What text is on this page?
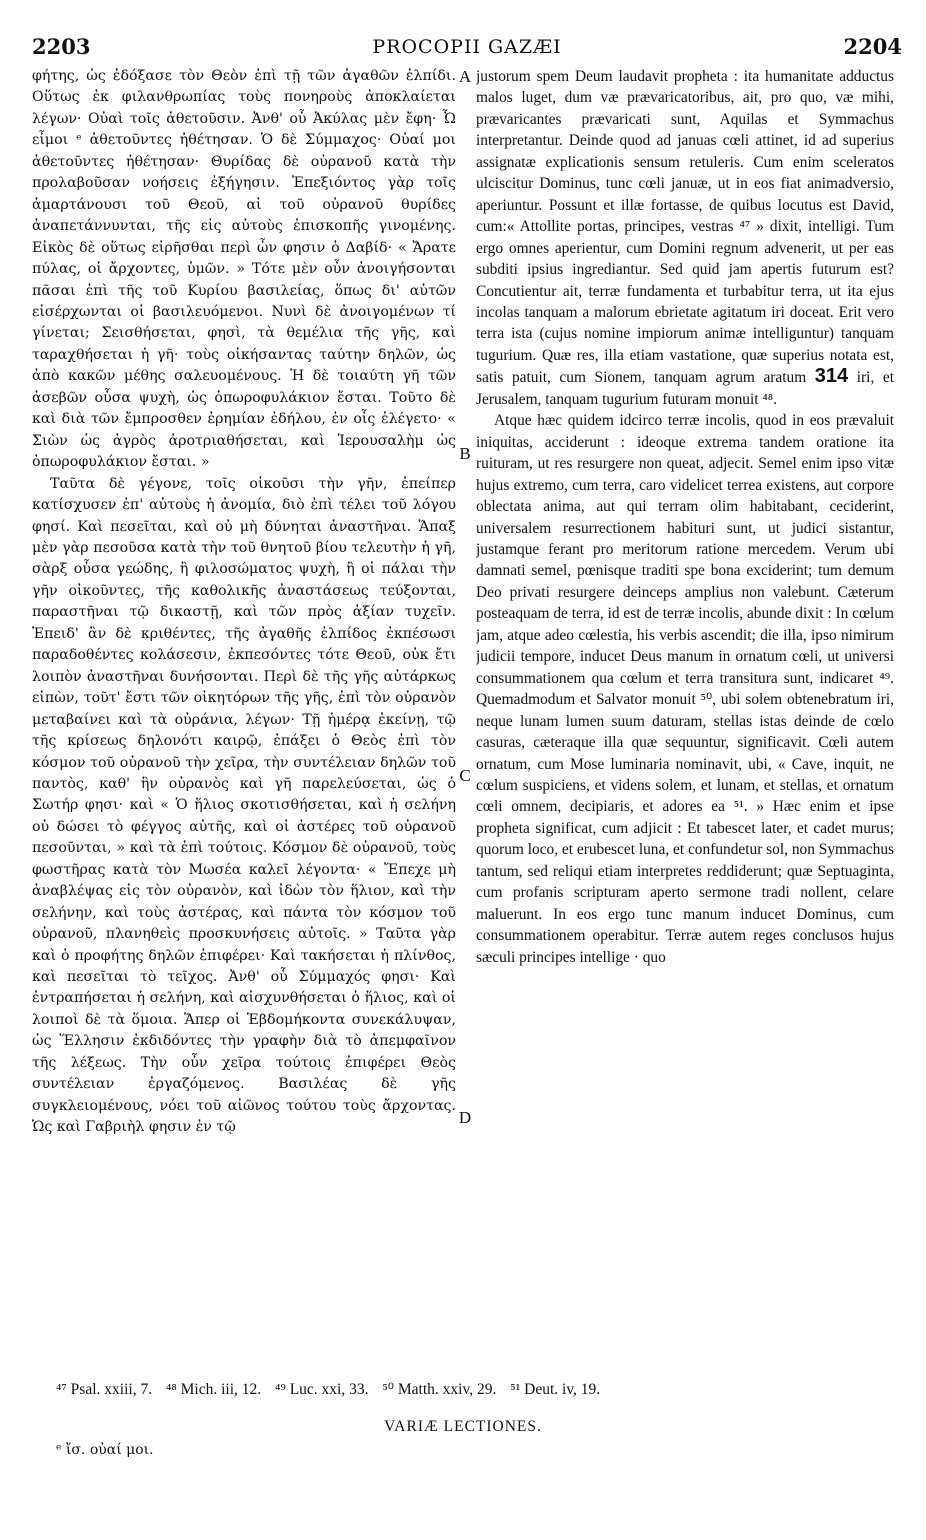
2203	PROCOPII GAZÆI	2204

φήτης, ὡς ἐδόξασε τὸν Θεὸν ἐπὶ τῇ τῶν ἀγαθῶν ἐλπίδι. Οὕτως ἐκ φιλανθρωπίας τοὺς πονηροὺς ἀποκλαίεται λέγων· Οὐαὶ τοῖς ἀθετοῦσιν. Ἀνθ' οὗ Ἀκύλας μὲν ἔφη· Ὦ εἶμοι ᵉ ἀθετοῦντες ἠθέτησαν. Ὁ δὲ Σύμμαχος· Οὐαί μοι ἀθετοῦντες ἠθέτησαν· Θυρίδας δὲ οὐρανοῦ κατὰ τὴν προλαβοῦσαν νοήσεις ἐξήγησιν. Ἐπεξιόντος γὰρ τοῖς ἁμαρτάνουσι τοῦ Θεοῦ, αἱ τοῦ οὐρανοῦ θυρίδες ἀναπετάννυνται, τῆς εἰς αὐτοὺς ἐπισκοπῆς γινομένης. Εἰκὸς δὲ οὕτως εἰρῆσθαι περὶ ὧν φησιν ὁ Δαβίδ· « Ἄρατε πύλας, οἱ ἄρχοντες, ὑμῶν. » Τότε μὲν οὖν ἀνοιγήσονται πᾶσαι ἐπὶ τῆς τοῦ Κυρίου βασιλείας, ὅπως δι' αὐτῶν εἰσέρχωνται οἱ βασιλευόμενοι. Νυνὶ δὲ ἀνοιγομένων τί γίνεται; Σεισθήσεται, φησὶ, τὰ θεμέλια τῆς γῆς, καὶ ταραχθήσεται ἡ γῆ· τοὺς οἰκήσαντας ταύτην δηλῶν, ὡς ἀπὸ κακῶν μέθης σαλευομένους. Ἡ δὲ τοιαύτη γῆ τῶν ἀσεβῶν οὖσα ψυχὴ, ὡς ὀπωροφυλάκιον ἔσται. Τοῦτο δὲ καὶ διὰ τῶν ἔμπροσθεν ἐρημίαν ἐδήλου, ἐν οἷς ἐλέγετο· « Σιὼν ὡς ἀγρὸς ἀροτριαθήσεται, καὶ Ἱερουσαλὴμ ὡς ὀπωροφυλάκιον ἔσται. »

Ταῦτα δὲ γέγονε, τοῖς οἰκοῦσι τὴν γῆν, ἐπείπερ κατίσχυσεν ἐπ' αὐτοὺς ἡ ἀνομία, διὸ ἐπὶ τέλει τοῦ λόγου φησί. Καὶ πεσεῖται, καὶ οὐ μὴ δύνηται ἀναστῆναι. Ἅπαξ μὲν γὰρ πεσοῦσα κατὰ τὴν τοῦ θνητοῦ βίου τελευτὴν ἡ γῆ, σὰρξ οὖσα γεώδης, ἢ φιλοσώματος ψυχὴ, ἢ οἱ πάλαι τὴν γῆν οἰκοῦντες, τῆς καθολικῆς ἀναστάσεως τεύξονται, παραστῆναι τῷ δικαστῇ, καὶ τῶν πρὸς ἀξίαν τυχεῖν. Ἐπειδ' ἂν δὲ κριθέντες, τῆς ἀγαθῆς ἐλπίδος ἐκπέσωσι παραδοθέντες κολάσεσιν, ἐκπεσόντες τότε Θεοῦ, οὐκ ἔτι λοιπὸν ἀναστῆναι δυνήσονται. Περὶ δὲ τῆς γῆς αὐτάρκως εἰπὼν, τοῦτ' ἔστι τῶν οἰκητόρων τῆς γῆς, ἐπὶ τὸν οὐρανὸν μεταβαίνει καὶ τὰ οὐράνια, λέγων· Τῇ ἡμέρᾳ ἐκείνῃ, τῷ τῆς κρίσεως δηλονότι καιρῷ, ἐπάξει ὁ Θεὸς ἐπὶ τὸν κόσμον τοῦ οὐρανοῦ τὴν χεῖρα, τὴν συντέλειαν δηλῶν τοῦ παντὸς, καθ' ἣν οὐρανὸς καὶ γῆ παρελεύσεται, ὡς ὁ Σωτήρ φησι· καὶ « Ὁ ἥλιος σκοτισθήσεται, καὶ ἡ σελήνη οὐ δώσει τὸ φέγγος αὐτῆς, καὶ οἱ ἀστέρες τοῦ οὐρανοῦ πεσοῦνται, » καὶ τὰ ἐπὶ τούτοις. Κόσμον δὲ οὐρανοῦ, τοὺς φωστῆρας κατὰ τὸν Μωσέα καλεῖ λέγοντα· « Ἔπεχε μὴ ἀναβλέψας εἰς τὸν οὐρανὸν, καὶ ἰδὼν τὸν ἥλιον, καὶ τὴν σελήνην, καὶ τοὺς ἀστέρας, καὶ πάντα τὸν κόσμον τοῦ οὐρανοῦ, πλανηθεὶς προσκυνήσεις αὐτοῖς. » Ταῦτα γὰρ καὶ ὁ προφήτης δηλῶν ἐπιφέρει· Καὶ τακήσεται ἡ πλίνθος, καὶ πεσεῖται τὸ τεῖχος. Ἀνθ' οὗ Σύμμαχός φησι· Καὶ ἐντραπήσεται ἡ σελήνη, καὶ αἰσχυνθήσεται ὁ ἥλιος, καὶ οἱ λοιποὶ δὲ τὰ ὅμοια. Ἅπερ οἱ Ἑβδομήκοντα συνεκάλυψαν, ὡς Ἕλλησιν ἐκδιδόντες τὴν γραφὴν διὰ τὸ ἀπεμφαῖνον τῆς λέξεως. Τὴν οὖν χεῖρα τούτοις ἐπιφέρει Θεὸς συντέλειαν ἐργαζόμενος. Βασιλέας δὲ γῆς συγκλειομένους, νόει τοῦ αἰῶνος τούτου τοὺς ἄρχοντας. Ὡς καὶ Γαβριὴλ φησιν ἐν τῷ

A
B
C
D

justorum spem Deum laudavit propheta : ita humanitate adductus malos luget, dum væ prævaricatoribus, ait, pro quo, væ mihi, prævaricantes prævaricati sunt, Aquilas et Symmachus interpretantur. Deinde quod ad januas cœli attinet, id ad superius assignatæ explicationis sensum retuleris. Cum enim sceleratos ulciscitur Dominus, tunc cœli januæ, ut in eos fiat animadversio, aperiuntur. Possunt et illæ fortasse, de quibus locutus est David, cum:« Attollite portas, principes, vestras ⁴⁷ » dixit, intelligi. Tum ergo omnes aperientur, cum Domini regnum advenerit, ut per eas subditi ipsius ingrediantur. Sed quid jam apertis futurum est? Concutientur ait, terræ fundamenta et turbabitur terra, ut ita ejus incolas tanquam a malorum ebrietate agitatum iri doceat. Erit vero terra ista (cujus nomine impiorum animæ intelliguntur) tanquam tugurium. Quæ res, illa etiam vastatione, quæ superius notata est, satis patuit, cum Sionem, tanquam agrum aratum 314 iri, et Jerusalem, tanquam tugurium futuram monuit ⁴⁸.

Atque hæc quidem idcirco terræ incolis, quod in eos prævaluit iniquitas, acciderunt : ideoque extrema tandem oratione ita ruituram, ut res resurgere non queat, adjecit. Semel enim ipso vitæ hujus extremo, cum terra, caro videlicet terrea existens, aut corpore oblectata anima, aut qui terram olim habitabant, ceciderint, universalem resurrectionem habituri sunt, ut judici sistantur, justamque ferant pro meritorum ratione mercedem. Verum ubi damnati semel, pœnisque traditi spe bona exciderint; tum demum Deo privati resurgere deinceps amplius non valebunt. Cæterum posteaquam de terra, id est de terræ incolis, abunde dixit : In cœlum jam, atque adeo cœlestia, his verbis ascendit; die illa, ipso nimirum judicii tempore, inducet Deus manum in ornatum cœli, ut universi consummationem qua cœlum et terra transitura sunt, indicaret ⁴⁹. Quemadmodum et Salvator monuit ⁵⁰, ubi solem obtenebratum iri, neque lunam lumen suum daturam, stellas istas deinde de cœlo casuras, cæteraque illa quæ sequuntur, significavit. Cœli autem ornatum, cum Mose luminaria nominavit, ubi, « Cave, inquit, ne cœlum suspiciens, et videns solem, et lunam, et stellas, et ornatum cœli omnem, decipiaris, et adores ea ⁵¹. » Hæc enim et ipse propheta significat, cum adjicit : Et tabescet later, et cadet murus; quorum loco, et erubescet luna, et confundetur sol, non Symmachus tantum, sed reliqui etiam interpretes reddiderunt; quæ Septuaginta, cum profanis scripturam aperto sermone tradi nollent, celare maluerunt. In eos ergo tunc manum inducet Dominus, cum consummationem operabitur. Terræ autem reges conclusos hujus sæculi principes intellige · quo

⁴⁷ Psal. xxiii, 7. ⁴⁸ Mich. iii, 12. ⁴⁹ Luc. xxi, 33. ⁵⁰ Matth. xxiv, 29. ⁵¹ Deut. iv, 19.
VARIÆ LECTIONES.
ᵉ ἴσ. οὐαί μοι.
